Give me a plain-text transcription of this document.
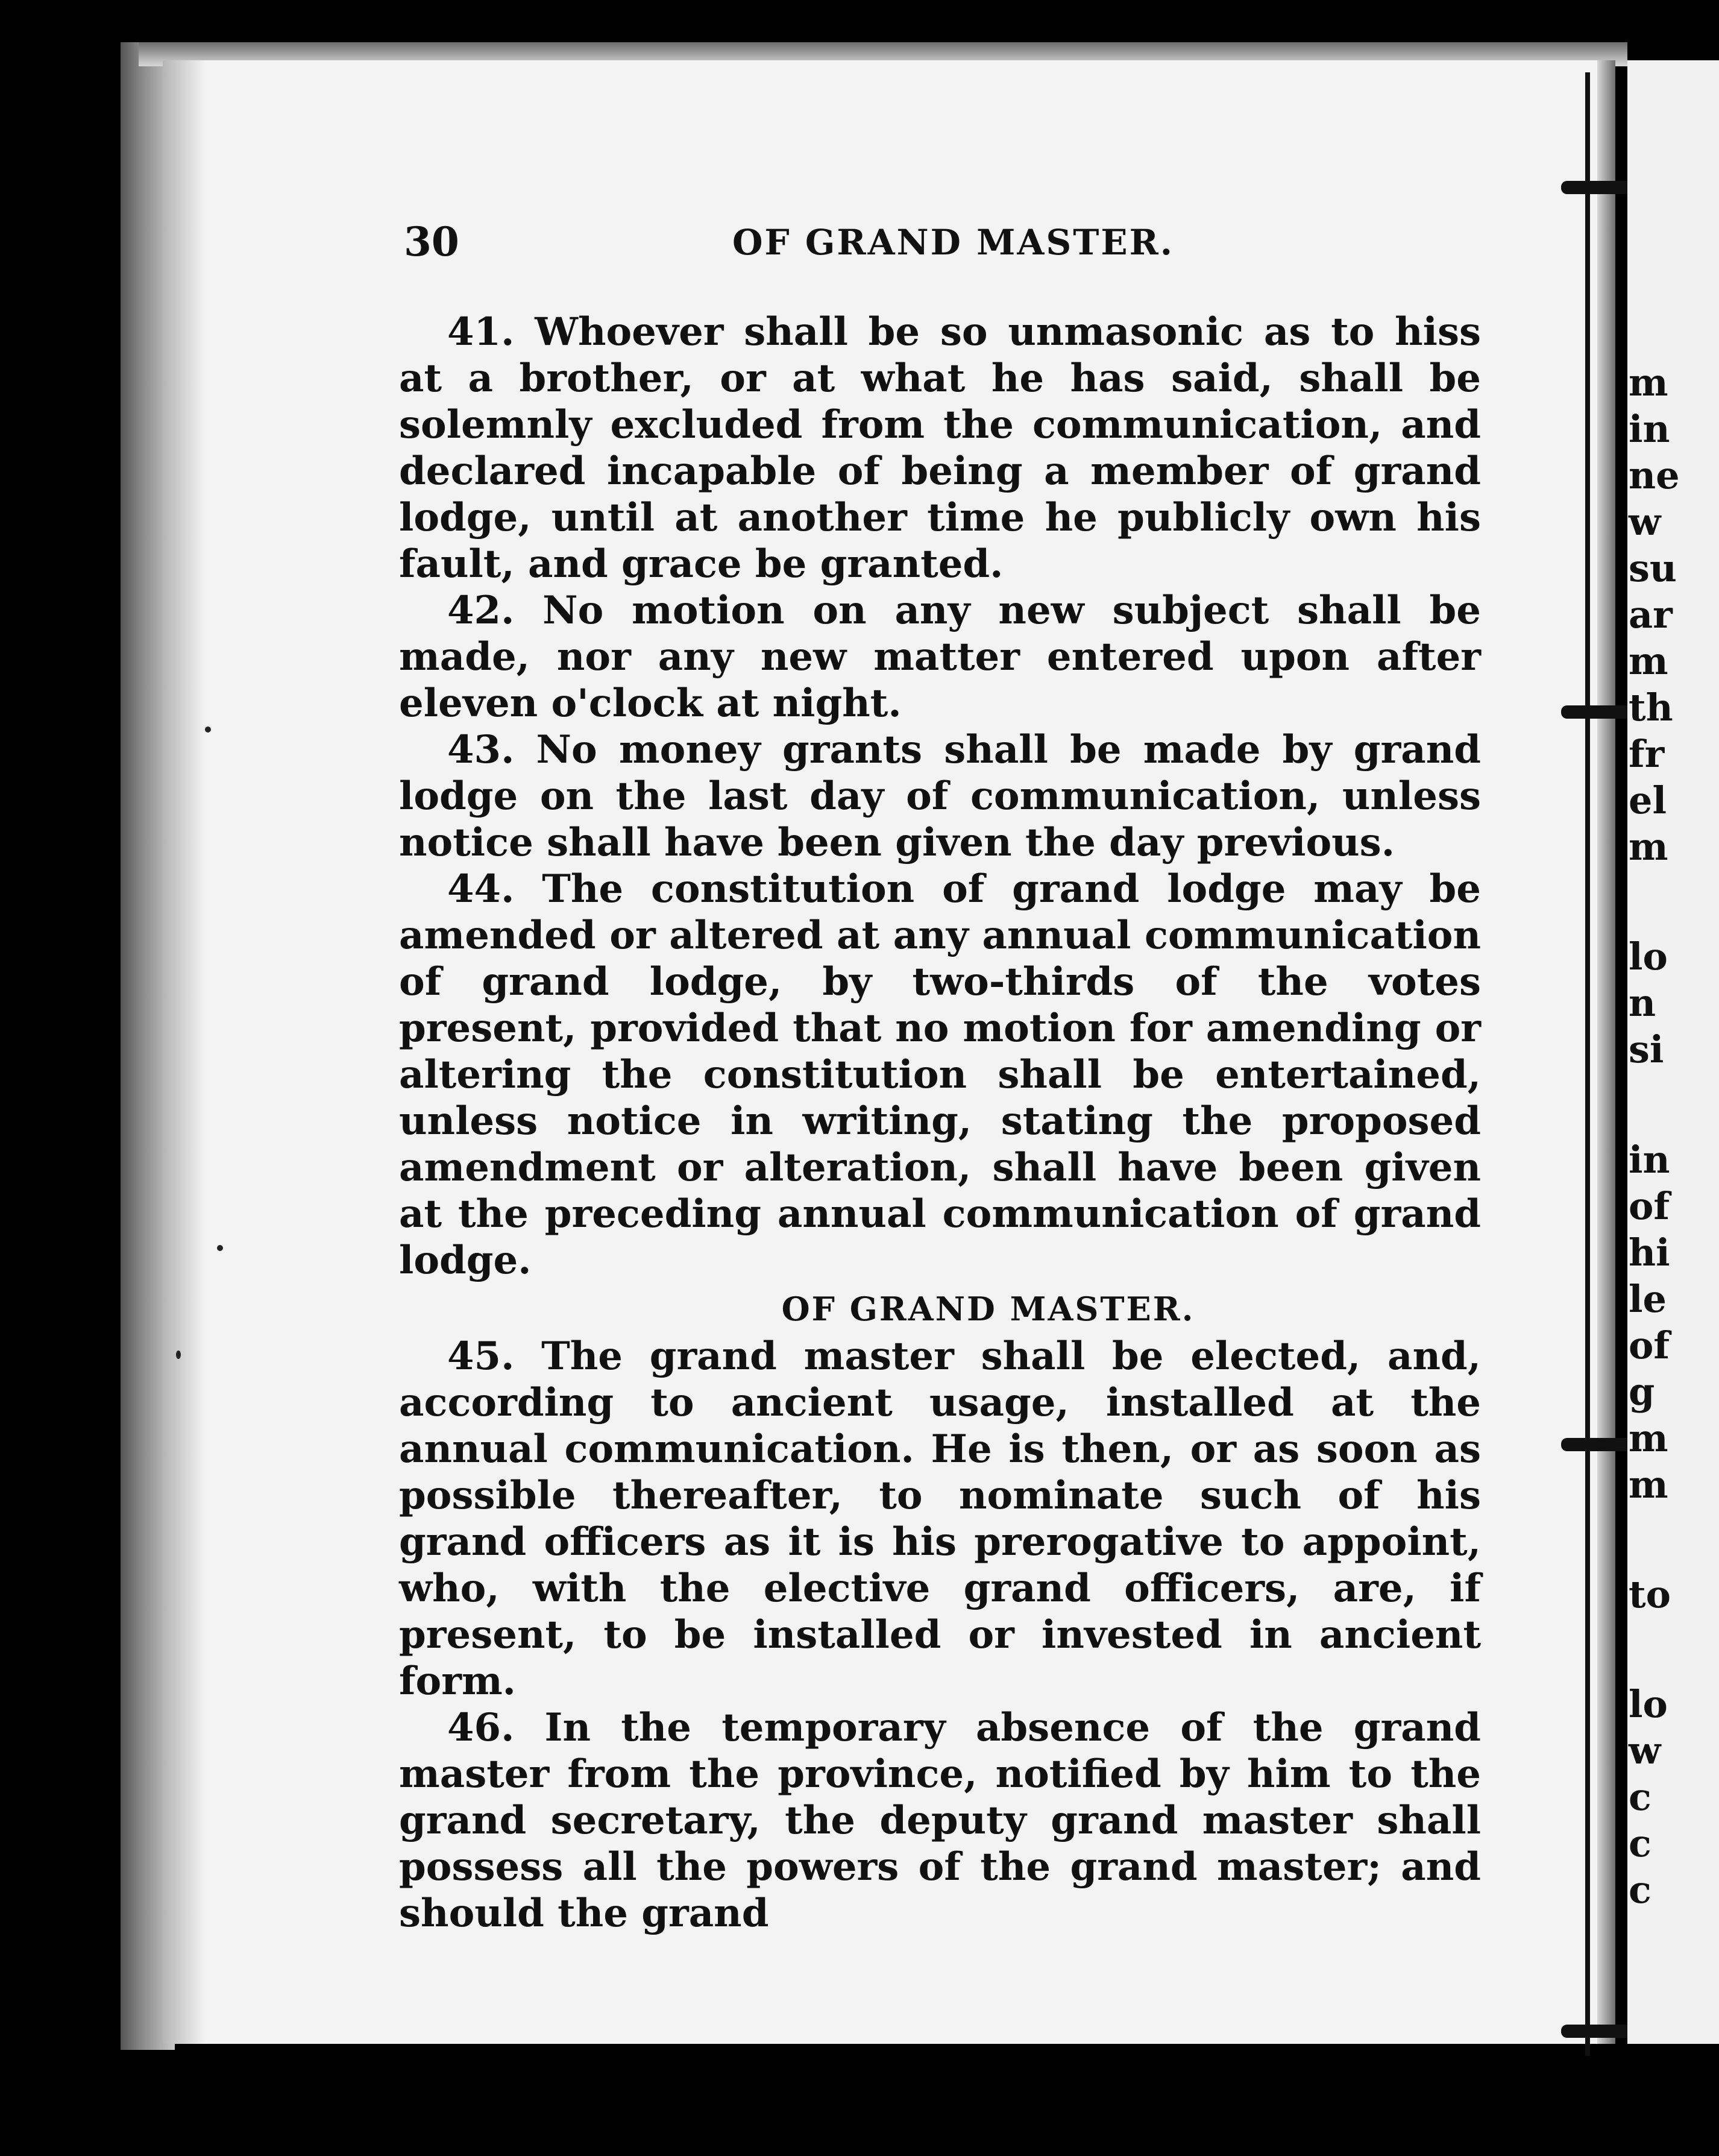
m
in
ne
w
su
ar
m
th
fr
el
m
lo
n
si
in
of
hi
le
of
g
m
m
to
lo
w
c
c
c
30	OF GRAND MASTER.

41. Whoever shall be so unmasonic as to hiss at a brother, or at what he has said, shall be solemnly excluded from the communication, and declared incapable of being a member of grand lodge, until at another time he publicly own his fault, and grace be granted.

42. No motion on any new subject shall be made, nor any new matter entered upon after eleven o'clock at night.

43. No money grants shall be made by grand lodge on the last day of communication, unless notice shall have been given the day previous.

44. The constitution of grand lodge may be amended or altered at any annual communication of grand lodge, by two-thirds of the votes present, provided that no motion for amending or altering the constitution shall be entertained, unless notice in writing, stating the proposed amendment or alteration, shall have been given at the preceding annual communication of grand lodge.

OF GRAND MASTER.

45. The grand master shall be elected, and, according to ancient usage, installed at the annual communication. He is then, or as soon as possible thereafter, to nominate such of his grand officers as it is his prerogative to appoint, who, with the elective grand officers, are, if present, to be installed or invested in ancient form.

46. In the temporary absence of the grand master from the province, notified by him to the grand secretary, the deputy grand master shall possess all the powers of the grand master; and should the grand
